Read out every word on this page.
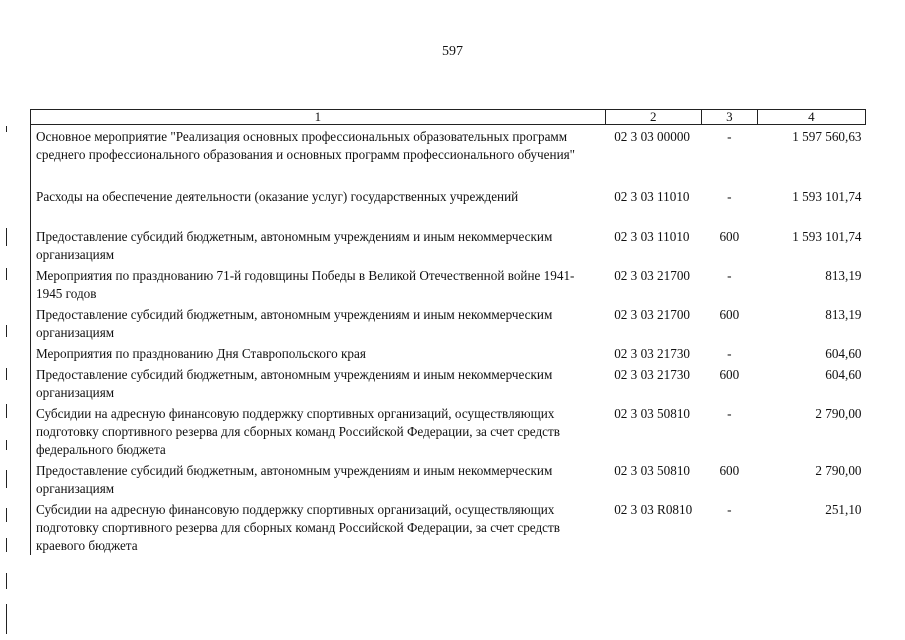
597
1	2	3	4
Основное мероприятие "Реализация основных профессиональных образовательных программ среднего профессионального образования и основных программ профессионального обучения"	02 3 03 00000	-	1 597 560,63
Расходы на обеспечение деятельности (оказание услуг) государственных учреждений	02 3 03 11010	-	1 593 101,74
Предоставление субсидий бюджетным, автономным учреждениям и иным некоммерческим организациям	02 3 03 11010	600	1 593 101,74
Мероприятия по празднованию 71-й годовщины Победы в Великой Отечественной войне 1941-1945 годов	02 3 03 21700	-	813,19
Предоставление субсидий бюджетным, автономным учреждениям и иным некоммерческим организациям	02 3 03 21700	600	813,19
Мероприятия по празднованию Дня Ставропольского края	02 3 03 21730	-	604,60
Предоставление субсидий бюджетным, автономным учреждениям и иным некоммерческим организациям	02 3 03 21730	600	604,60
Субсидии на адресную финансовую поддержку спортивных организаций, осуществляющих подготовку спортивного резерва для сборных команд Российской Федерации, за счет средств федерального бюджета	02 3 03 50810	-	2 790,00
Предоставление субсидий бюджетным, автономным учреждениям и иным некоммерческим организациям	02 3 03 50810	600	2 790,00
Субсидии на адресную финансовую поддержку спортивных организаций, осуществляющих подготовку спортивного резерва для сборных команд Российской Федерации, за счет средств краевого бюджета	02 3 03 R0810	-	251,10
